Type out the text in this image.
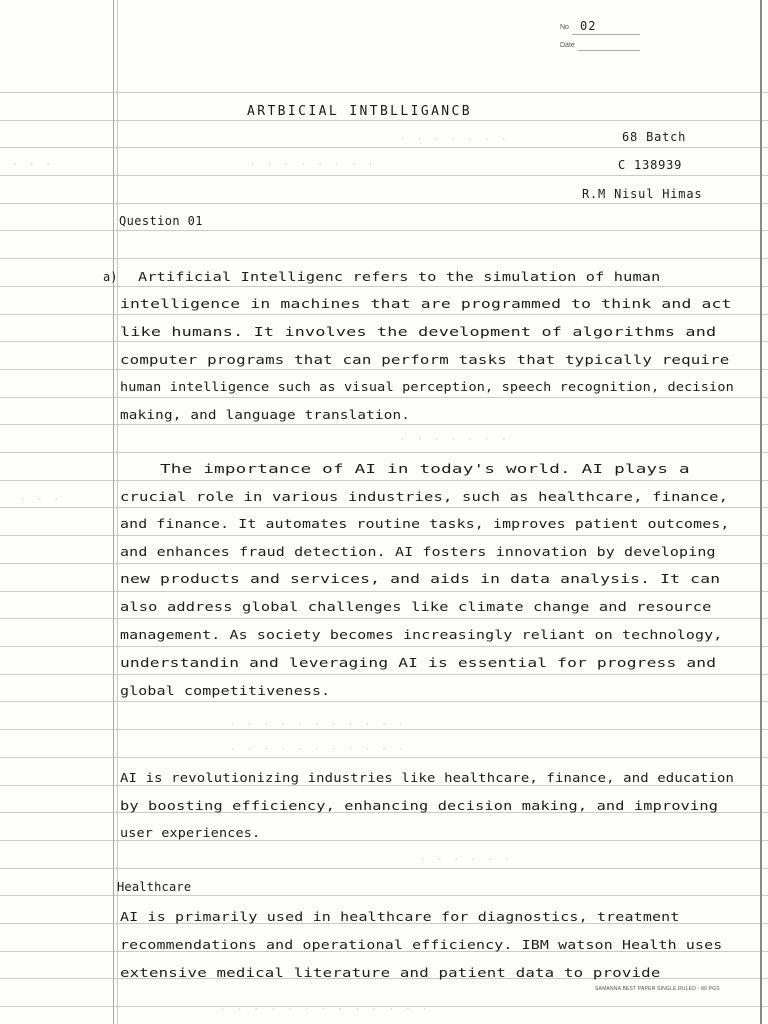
No 02
Date
ARTBICIAL INTBLLIGANCB
68 Batch
C 138939
R.M Nisul Himas
Question 01
a) Artificial Intelligenc refers to the simulation of human
intelligence in machines that are programmed to think and act
like humans. It involves the development of algorithms and
computer programs that can perform tasks that typically require
human intelligence such as visual perception, speech recognition, decision
making, and language translation.
The importance of AI in today's world. AI plays a
crucial role in various industries, such as healthcare, finance,
and finance. It automates routine tasks, improves patient outcomes,
and enhances fraud detection. AI fosters innovation by developing
new products and services, and aids in data analysis. It can
also address global challenges like climate change and resource
management. As society becomes increasingly reliant on technology,
understandin and leveraging AI is essential for progress and
global competitiveness.
AI is revolutionizing industries like healthcare, finance, and education
by boosting efficiency, enhancing decision making, and improving
user experiences.
Healthcare
AI is primarily used in healthcare for diagnostics, treatment
recommendations and operational efficiency. IBM watson Health uses
extensive medical literature and patient data to provide
· · · · · · ·
· · · · · · · ·
· · ·
· · ·
· · · · · · ·
· · · · · · · · · · ·
· · · · · · · · · · ·
· · · · · ·
· · · · · · · · · · · · ·
SAMANNA BEST PAPER SINGLE RULED - 80 PGS
